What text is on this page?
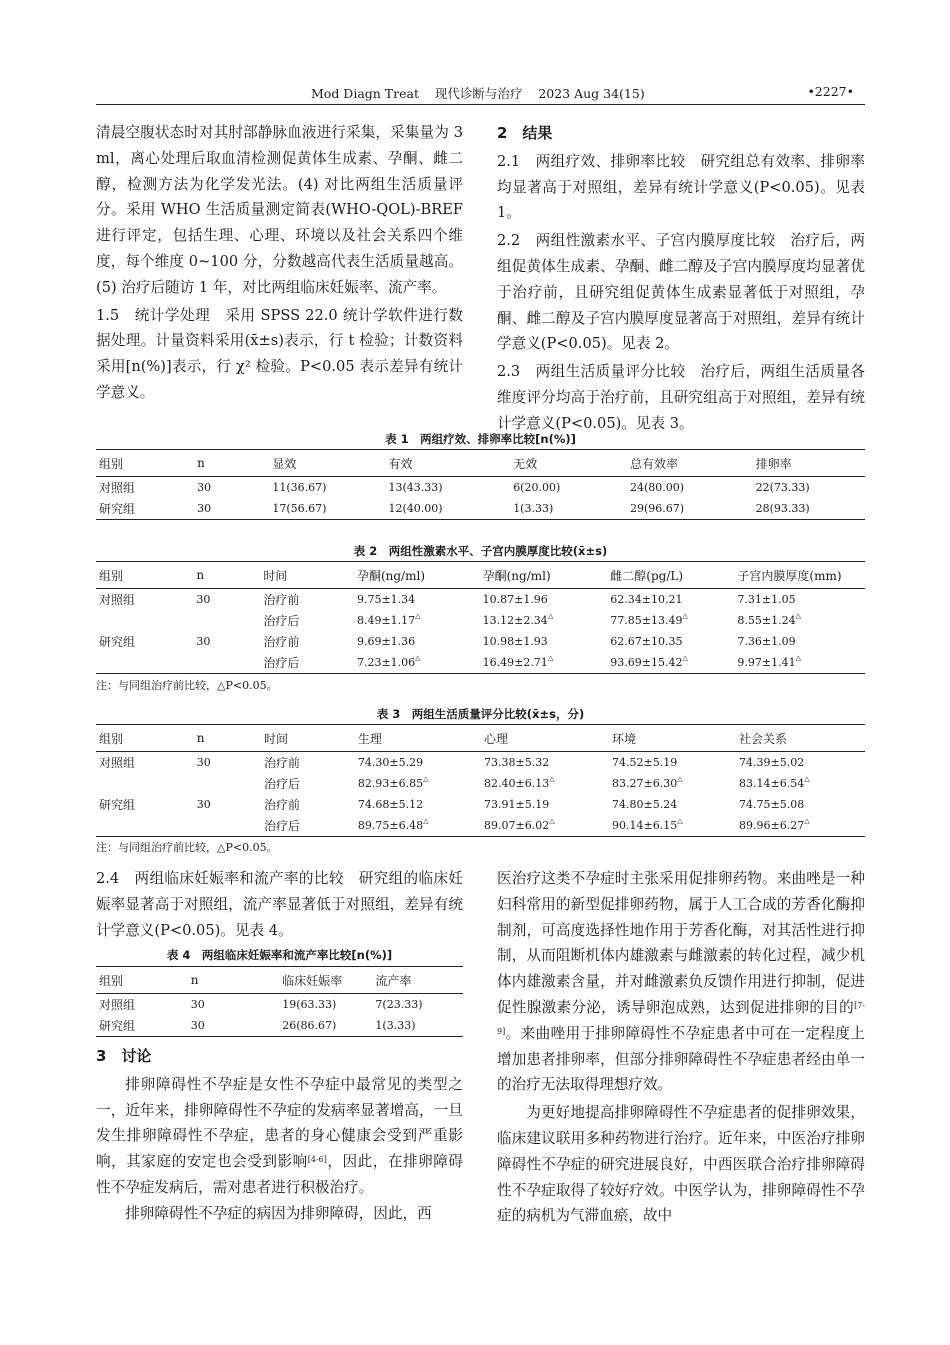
Mod Diagn Treat 现代诊断与治疗 2023 Aug 34(15)	•2227•

清晨空腹状态时对其肘部静脉血液进行采集，采集量为 3 ml，离心处理后取血清检测促黄体生成素、孕酮、雌二醇，检测方法为化学发光法。(4) 对比两组生活质量评分。采用 WHO 生活质量测定简表(WHO-QOL)-BREF 进行评定，包括生理、心理、环境以及社会关系四个维度，每个维度 0~100 分，分数越高代表生活质量越高。(5) 治疗后随访 1 年，对比两组临床妊娠率、流产率。

1.5　统计学处理　采用 SPSS 22.0 统计学软件进行数据处理。计量资料采用(x̄±s)表示，行 t 检验；计数资料采用[n(%)]表示，行 χ² 检验。P<0.05 表示差异有统计学意义。

2　结果

2.1　两组疗效、排卵率比较　研究组总有效率、排卵率均显著高于对照组，差异有统计学意义(P<0.05)。见表 1。

2.2　两组性激素水平、子宫内膜厚度比较　治疗后，两组促黄体生成素、孕酮、雌二醇及子宫内膜厚度均显著优于治疗前，且研究组促黄体生成素显著低于对照组，孕酮、雌二醇及子宫内膜厚度显著高于对照组，差异有统计学意义(P<0.05)。见表 2。

2.3　两组生活质量评分比较　治疗后，两组生活质量各维度评分均高于治疗前，且研究组高于对照组，差异有统计学意义(P<0.05)。见表 3。

表 1　两组疗效、排卵率比较[n(%)]
组别	n	显效	有效	无效	总有效率	排卵率
对照组	30	11(36.67)	13(43.33)	6(20.00)	24(80.00)	22(73.33)
研究组	30	17(56.67)	12(40.00)	1(3.33)	29(96.67)	28(93.33)
表 2　两组性激素水平、子宫内膜厚度比较(x̄±s)
组别	n	时间	孕酮(ng/ml)	孕酮(ng/ml)	雌二醇(pg/L)	子宫内膜厚度(mm)
对照组	30	治疗前	9.75±1.34	10.87±1.96	62.34±10.21	7.31±1.05
		治疗后	8.49±1.17△	13.12±2.34△	77.85±13.49△	8.55±1.24△
研究组	30	治疗前	9.69±1.36	10.98±1.93	62.67±10.35	7.36±1.09
		治疗后	7.23±1.06△	16.49±2.71△	93.69±15.42△	9.97±1.41△
注：与同组治疗前比较，△P<0.05。
表 3　两组生活质量评分比较(x̄±s，分)
组别	n	时间	生理	心理	环境	社会关系
对照组	30	治疗前	74.30±5.29	73.38±5.32	74.52±5.19	74.39±5.02
		治疗后	82.93±6.85△	82.40±6.13△	83.27±6.30△	83.14±6.54△
研究组	30	治疗前	74.68±5.12	73.91±5.19	74.80±5.24	74.75±5.08
		治疗后	89.75±6.48△	89.07±6.02△	90.14±6.15△	89.96±6.27△
注：与同组治疗前比较，△P<0.05。

2.4　两组临床妊娠率和流产率的比较　研究组的临床妊娠率显著高于对照组，流产率显著低于对照组，差异有统计学意义(P<0.05)。见表 4。

表 4　两组临床妊娠率和流产率比较[n(%)]
组别	n	临床妊娠率	流产率
对照组	30	19(63.33)	7(23.33)
研究组	30	26(86.67)	1(3.33)
3　讨论

排卵障碍性不孕症是女性不孕症中最常见的类型之一，近年来，排卵障碍性不孕症的发病率显著增高，一旦发生排卵障碍性不孕症，患者的身心健康会受到严重影响，其家庭的安定也会受到影响[4-6]，因此，在排卵障碍性不孕症发病后，需对患者进行积极治疗。

排卵障碍性不孕症的病因为排卵障碍，因此，西

医治疗这类不孕症时主张采用促排卵药物。来曲唑是一种妇科常用的新型促排卵药物，属于人工合成的芳香化酶抑制剂，可高度选择性地作用于芳香化酶，对其活性进行抑制，从而阻断机体内雄激素与雌激素的转化过程，减少机体内雄激素含量，并对雌激素负反馈作用进行抑制，促进促性腺激素分泌，诱导卵泡成熟，达到促进排卵的目的[7-9]。来曲唑用于排卵障碍性不孕症患者中可在一定程度上增加患者排卵率，但部分排卵障碍性不孕症患者经由单一的治疗无法取得理想疗效。

为更好地提高排卵障碍性不孕症患者的促排卵效果，临床建议联用多种药物进行治疗。近年来，中医治疗排卵障碍性不孕症的研究进展良好，中西医联合治疗排卵障碍性不孕症取得了较好疗效。中医学认为，排卵障碍性不孕症的病机为气滞血瘀，故中
